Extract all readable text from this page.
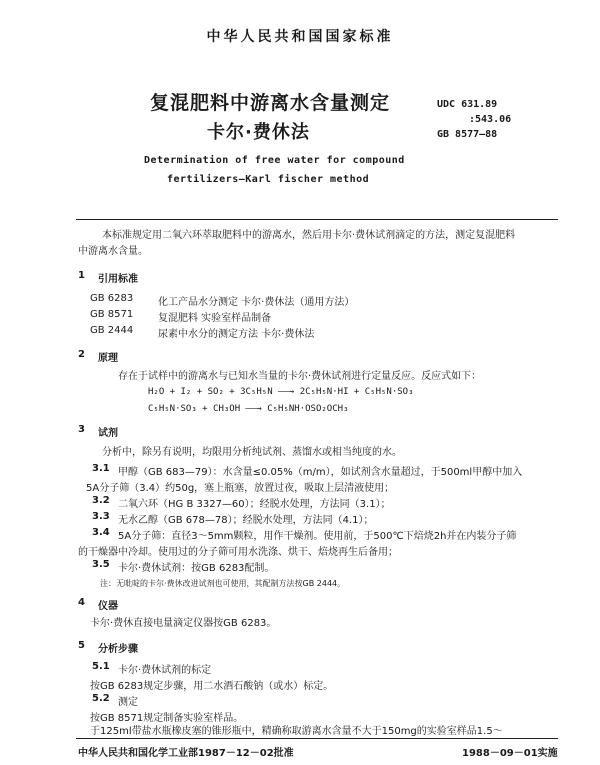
中华人民共和国国家标准
复混肥料中游离水含量测定
卡尔·费休法
UDC 631.89
:543.06
GB 8577—88
Determination of free water for compound
fertilizers—Karl fischer method
本标准规定用二氧六环萃取肥料中的游离水，然后用卡尔·费休试剂滴定的方法，测定复混肥料
中游离水含量。
1 引用标准
GB 6283 化工产品水分测定 卡尔·费休法（通用方法）
GB 8571 复混肥料 实验室样品制备
GB 2444 尿素中水分的测定方法 卡尔·费休法
2 原理
存在于试样中的游离水与已知水当量的卡尔·费休试剂进行定量反应。反应式如下：
H₂O + I₂ + SO₂ + 3C₅H₅N ——→ 2C₅H₅N·HI + C₅H₅N·SO₃
C₅H₅N·SO₃ + CH₃OH ——→ C₅H₅NH·OSO₂OCH₃
3 试剂
分析中，除另有说明，均限用分析纯试剂、蒸馏水或相当纯度的水。
3.1 甲醇（GB 683—79）：水含量≤0.05%（m/m），如试剂含水量超过，于500ml甲醇中加入
5A分子筛（3.4）约50g，塞上瓶塞，放置过夜，吸取上层清液使用；
3.2 二氧六环（HG B 3327—60）；经脱水处理，方法同（3.1）；
3.3 无水乙醇（GB 678—78）；经脱水处理，方法同（4.1）；
3.4 5A分子筛：直径3～5mm颗粒，用作干燥剂。使用前，于500℃下焙烧2h并在内装分子筛
的干燥器中冷却。使用过的分子筛可用水洗涤、烘干、焙烧再生后备用；
3.5 卡尔·费休试剂：按GB 6283配制。
注：无吡啶的卡尔·费休改进试剂也可使用，其配制方法按GB 2444。
4 仪器
卡尔·费休直接电量滴定仪器按GB 6283。
5 分析步骤
5.1 卡尔·费休试剂的标定
按GB 6283规定步骤，用二水酒石酸钠（或水）标定。
5.2 测定
按GB 8571规定制备实验室样品。
于125ml带盐水瓶橡皮塞的锥形瓶中，精确称取游离水含量不大于150mg的实验室样品1.5～
中华人民共和国化学工业部1987－12－02批准	1988－09－01实施
